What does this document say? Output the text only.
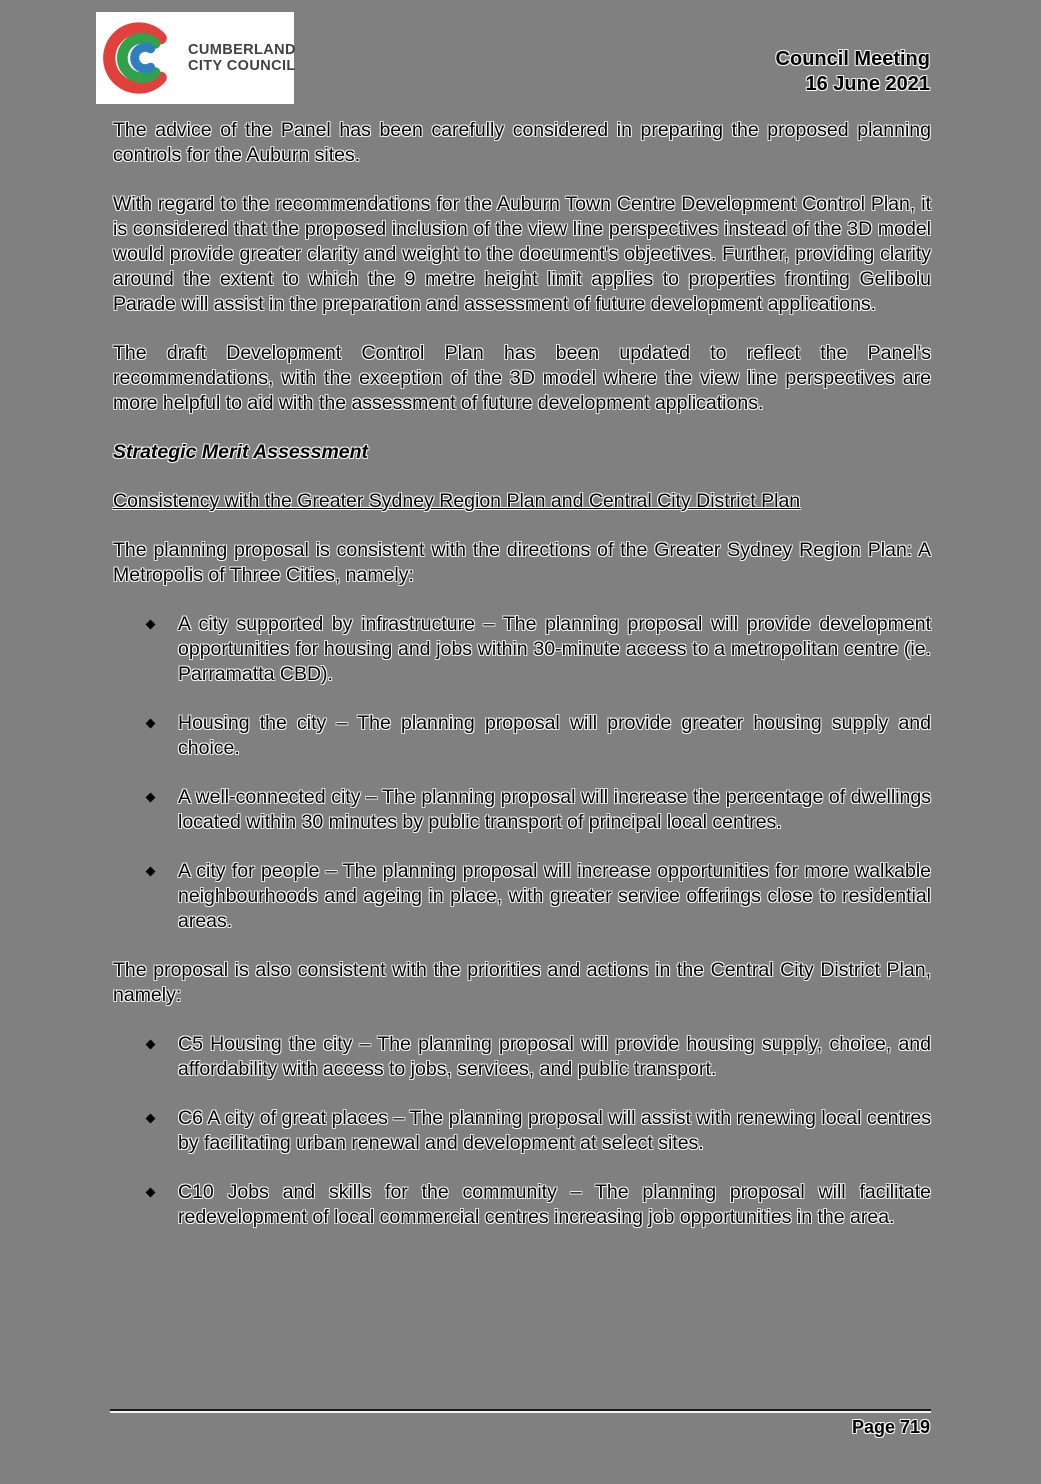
CUMBERLAND
CITY COUNCIL	Council Meeting
16 June 2021

The advice of the Panel has been carefully considered in preparing the proposed planning controls for the Auburn sites.

With regard to the recommendations for the Auburn Town Centre Development Control Plan, it is considered that the proposed inclusion of the view line perspectives instead of the 3D model would provide greater clarity and weight to the document's objectives. Further, providing clarity around the extent to which the 9 metre height limit applies to properties fronting Gelibolu Parade will assist in the preparation and assessment of future development applications.

The draft Development Control Plan has been updated to reflect the Panel's recommendations, with the exception of the 3D model where the view line perspectives are more helpful to aid with the assessment of future development applications.

Strategic Merit Assessment
Consistency with the Greater Sydney Region Plan and Central City District Plan

The planning proposal is consistent with the directions of the Greater Sydney Region Plan: A Metropolis of Three Cities, namely:

A city supported by infrastructure – The planning proposal will provide development opportunities for housing and jobs within 30-minute access to a metropolitan centre (ie. Parramatta CBD).
Housing the city – The planning proposal will provide greater housing supply and choice.
A well-connected city – The planning proposal will increase the percentage of dwellings located within 30 minutes by public transport of principal local centres.
A city for people – The planning proposal will increase opportunities for more walkable neighbourhoods and ageing in place, with greater service offerings close to residential areas.

The proposal is also consistent with the priorities and actions in the Central City District Plan, namely:

C5 Housing the city – The planning proposal will provide housing supply, choice, and affordability with access to jobs, services, and public transport.
C6 A city of great places – The planning proposal will assist with renewing local centres by facilitating urban renewal and development at select sites.
C10 Jobs and skills for the community – The planning proposal will facilitate redevelopment of local commercial centres increasing job opportunities in the area.
Page 719
